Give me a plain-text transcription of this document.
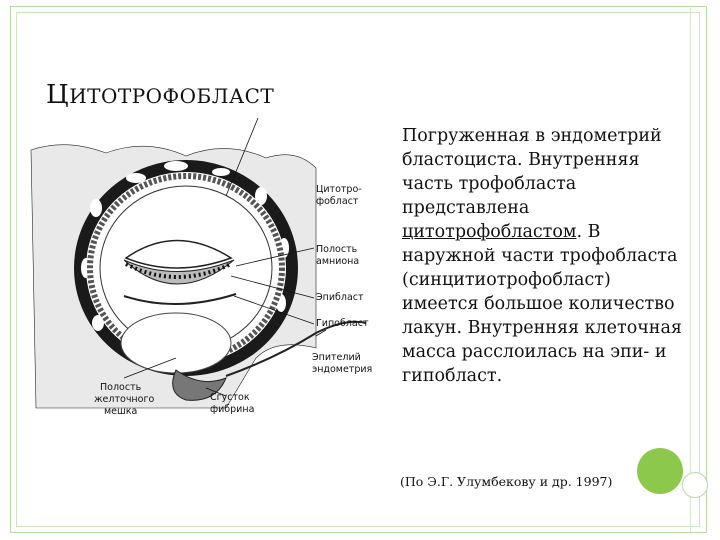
ЦИТОТРОФОБЛАСТ
Цитотро-
фобласт
Полость
амниона
Эпибласт
Гипобласт
Эпителий
эндометрия
Полость
желточного
мешка
Сгусток
фибрина
Погруженная в эндометрий бластоциста. Внутренняя часть трофобласта представлена цитотрофобластом. В наружной части трофобласта (синцитиотрофобласт) имеется большое количество лакун. Внутренняя клеточная масса расслоилась на эпи- и гипобласт.
(По Э.Г. Улумбекову и др. 1997)
